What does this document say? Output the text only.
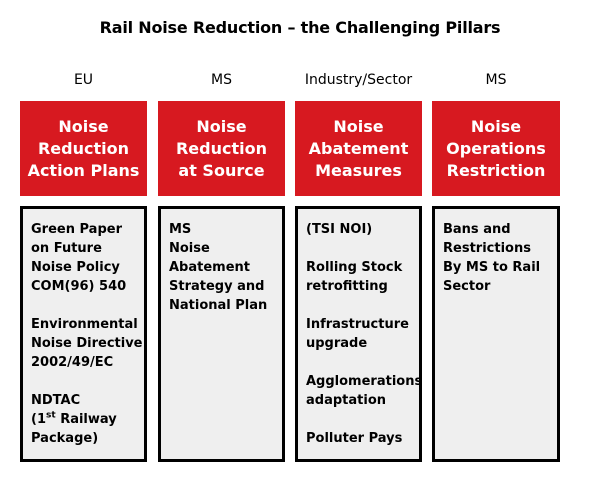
Rail Noise Reduction – the Challenging Pillars
EU
Noise
Reduction
Action Plans
Green Paper
on Future
Noise Policy
COM(96) 540
Environmental
Noise Directive
2002/49/EC
NDTAC
(1st Railway
Package)
MS
Noise
Reduction
at Source
MS
Noise
Abatement
Strategy and
National Plan
Industry/Sector
Noise
Abatement
Measures
(TSI NOI)
Rolling Stock
retrofitting
Infrastructure
upgrade
Agglomerations
adaptation
Polluter Pays
MS
Noise
Operations
Restriction
Bans and
Restrictions
By MS to Rail
Sector
